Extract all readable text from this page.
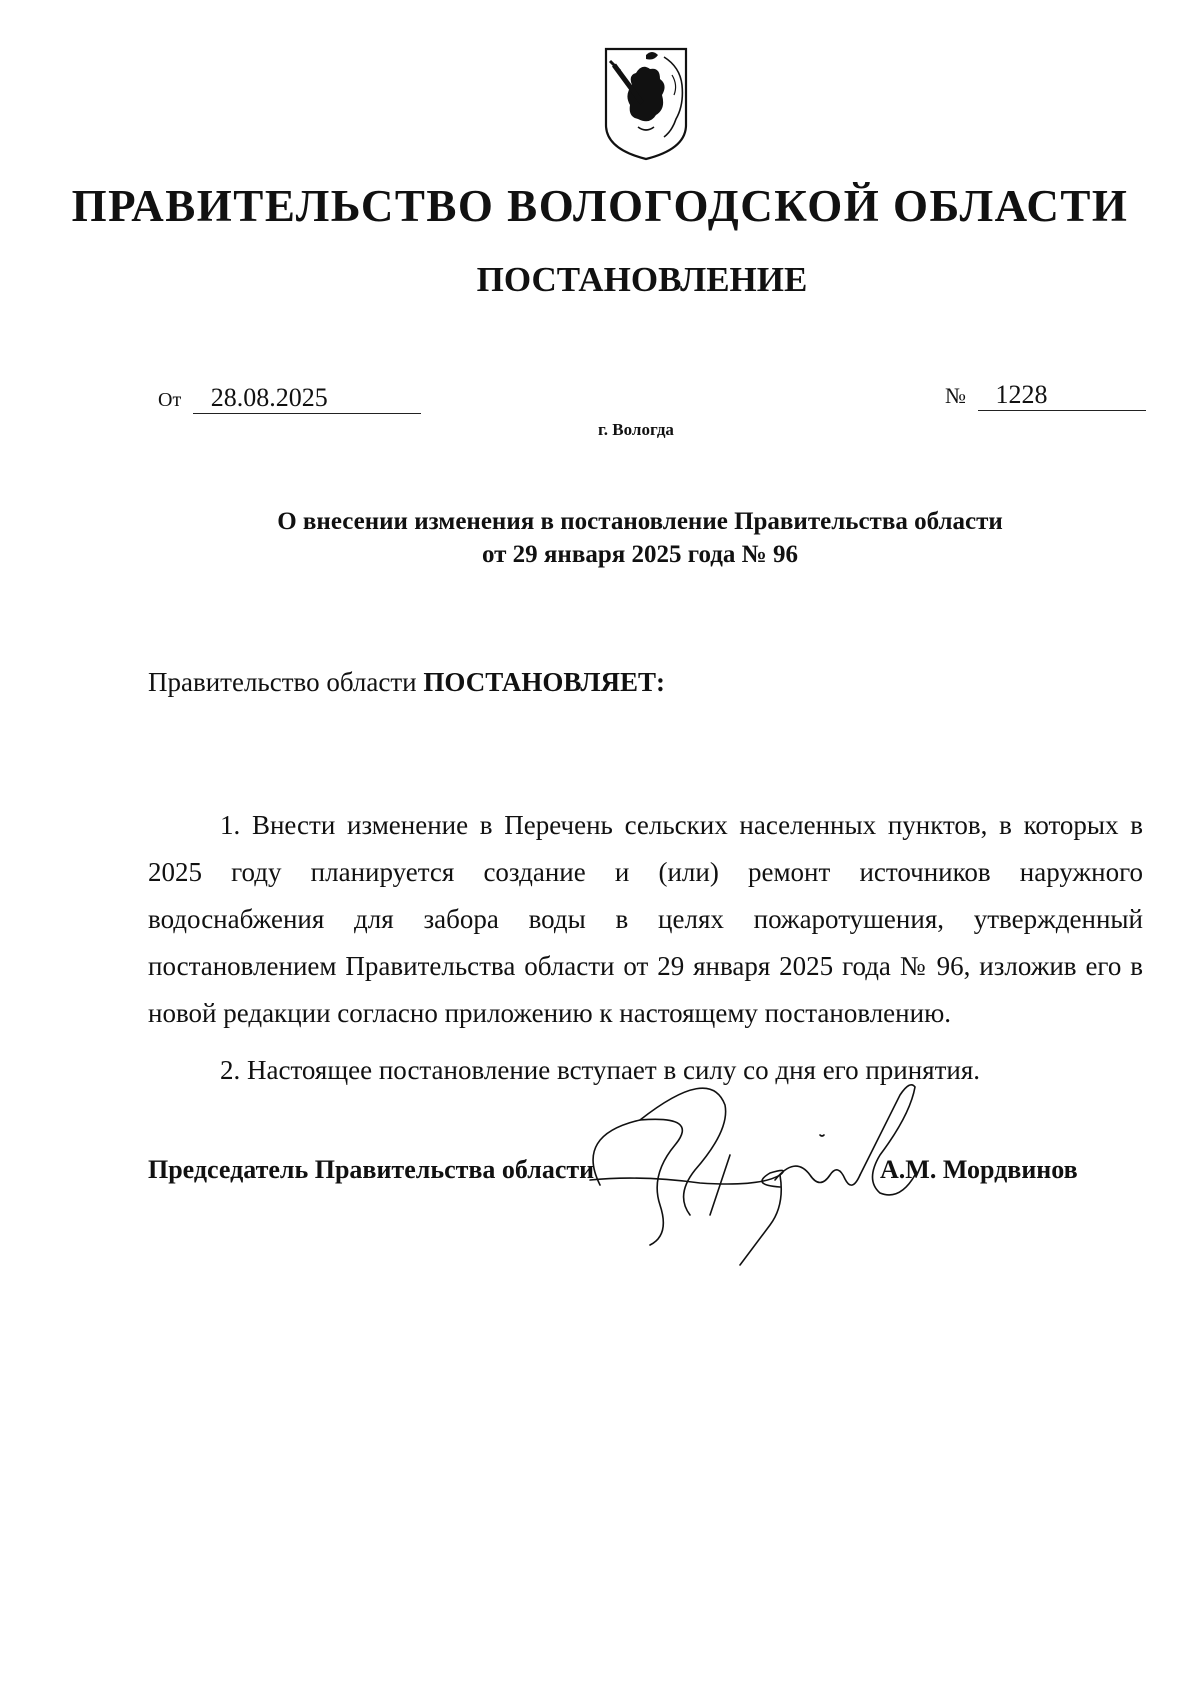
ПРАВИТЕЛЬСТВО ВОЛОГОДСКОЙ ОБЛАСТИ
ПОСТАНОВЛЕНИЕ
От 28.08.2025	№ 1228
г. Вологда
О внесении изменения в постановление Правительства области
от 29 января 2025 года № 96
Правительство области ПОСТАНОВЛЯЕТ:

1. Внести изменение в Перечень сельских населенных пунктов, в которых в 2025 году планируется создание и (или) ремонт источников наружного водоснабжения для забора воды в целях пожаротушения, утвержденный постановлением Правительства области от 29 января 2025 года № 96, изложив его в новой редакции согласно приложению к настоящему постановлению.

2. Настоящее постановление вступает в силу со дня его принятия.

Председатель Правительства области	А.М. Мордвинов
